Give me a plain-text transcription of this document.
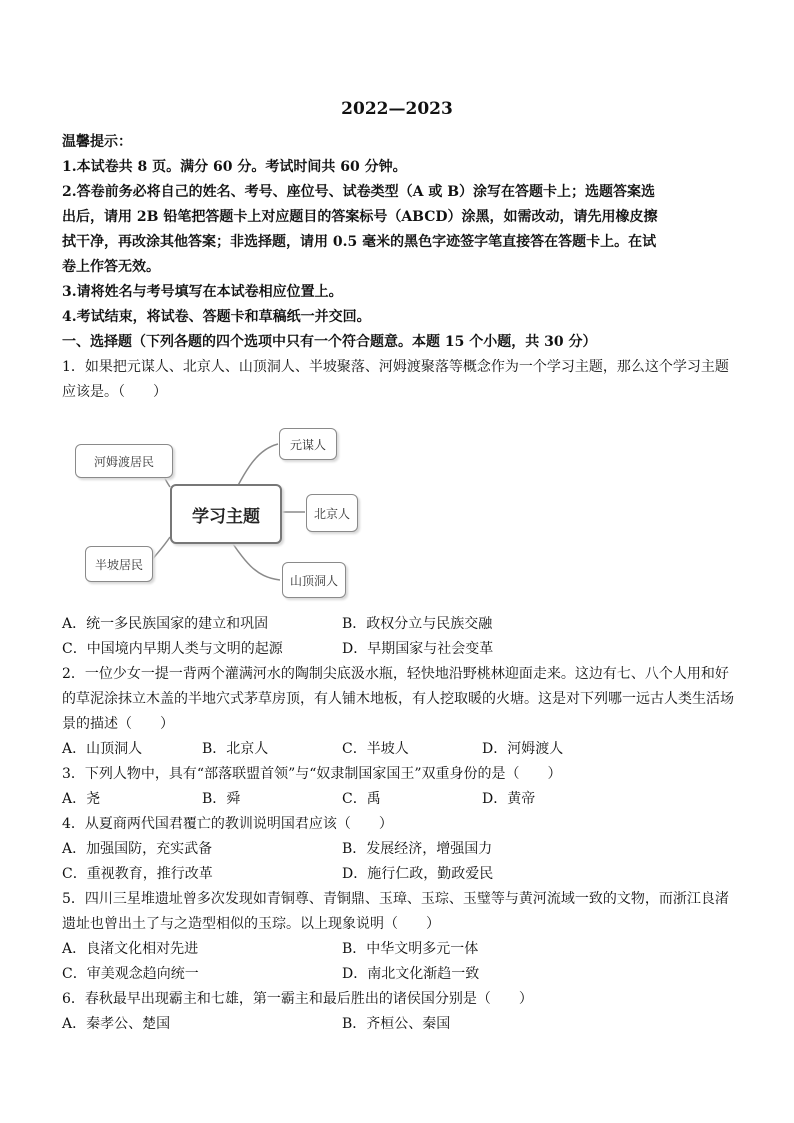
2022—2023
温馨提示：
1.本试卷共 8 页。满分 60 分。考试时间共 60 分钟。
2.答卷前务必将自己的姓名、考号、座位号、试卷类型（A 或 B）涂写在答题卡上；选题答案选
出后，请用 2B 铅笔把答题卡上对应题目的答案标号（ABCD）涂黑，如需改动，请先用橡皮擦
拭干净，再改涂其他答案；非选择题，请用 0.5 毫米的黑色字迹签字笔直接答在答题卡上。在试
卷上作答无效。
3.请将姓名与考号填写在本试卷相应位置上。
4.考试结束，将试卷、答题卡和草稿纸一并交回。
一、选择题（下列各题的四个选项中只有一个符合题意。本题 15 个小题，共 30 分）
1．如果把元谋人、北京人、山顶洞人、半坡聚落、河姆渡聚落等概念作为一个学习主题，那么这个学习主题
应该是。（　　）
河姆渡居民
半坡居民
学习主题
元谋人
北京人
山顶洞人
A．统一多民族国家的建立和巩固	B．政权分立与民族交融
C．中国境内早期人类与文明的起源	D．早期国家与社会变革
2．一位少女一提一背两个灌满河水的陶制尖底汲水瓶，轻快地沿野桃林迎面走来。这边有七、八个人用和好
的草泥涂抹立木盖的半地穴式茅草房顶，有人铺木地板，有人挖取暖的火塘。这是对下列哪一远古人类生活场
景的描述（　　）
A．山顶洞人	B．北京人	C．半坡人	D．河姆渡人
3．下列人物中，具有“部落联盟首领”与“奴隶制国家国王”双重身份的是（　　）
A．尧	B．舜	C．禹	D．黄帝
4．从夏商两代国君覆亡的教训说明国君应该（　　）
A．加强国防，充实武备	B．发展经济，增强国力
C．重视教育，推行改革	D．施行仁政，勤政爱民
5．四川三星堆遗址曾多次发现如青铜尊、青铜鼎、玉璋、玉琮、玉璧等与黄河流域一致的文物，而浙江良渚
遗址也曾出土了与之造型相似的玉琮。以上现象说明（　　）
A．良渚文化相对先进	B．中华文明多元一体
C．审美观念趋向统一	D．南北文化渐趋一致
6．春秋最早出现霸主和七雄，第一霸主和最后胜出的诸侯国分别是（　　）
A．秦孝公、楚国	B．齐桓公、秦国
